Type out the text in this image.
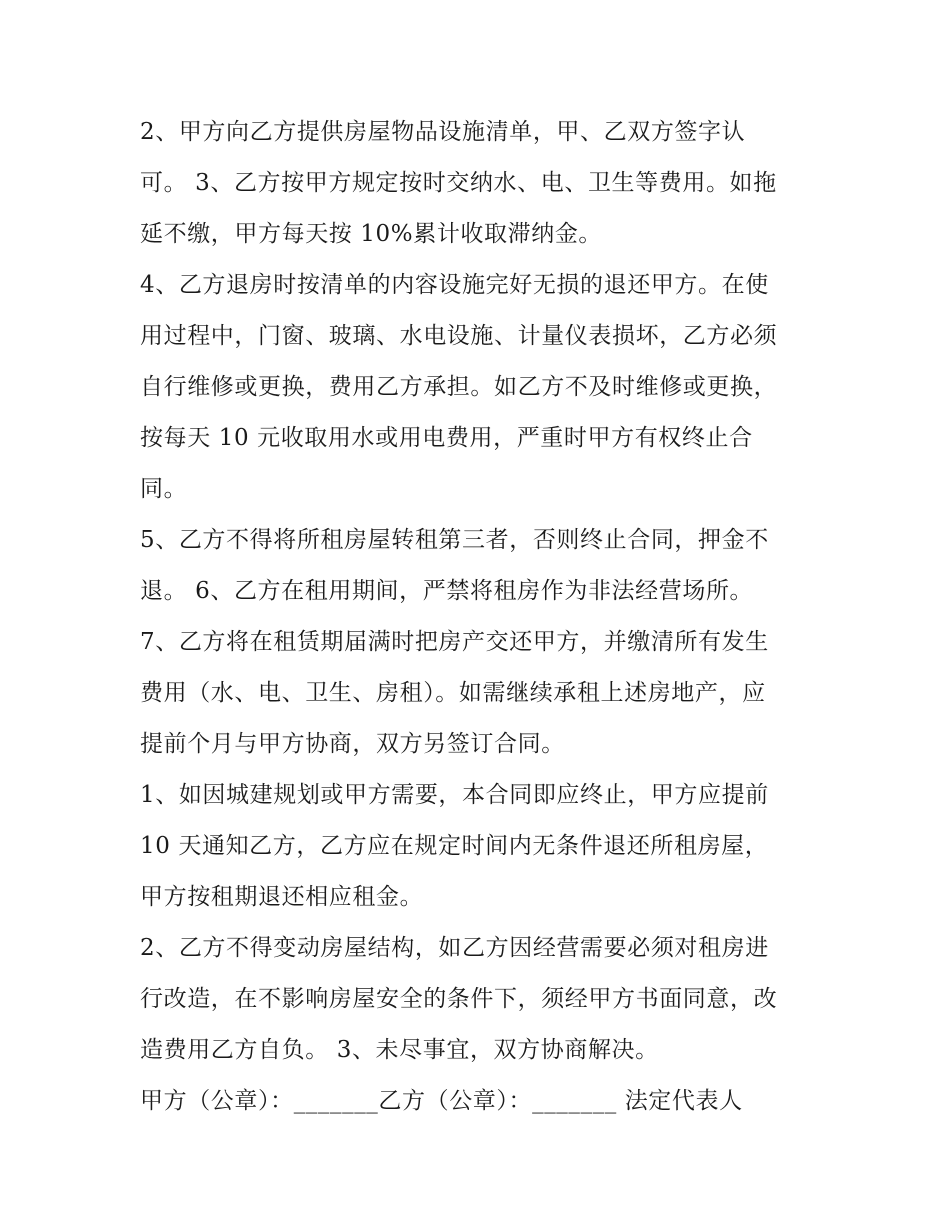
2、甲方向乙方提供房屋物品设施清单，甲、乙双方签字认
可。 3、乙方按甲方规定按时交纳水、电、卫生等费用。如拖
延不缴，甲方每天按 10%累计收取滞纳金。
4、乙方退房时按清单的内容设施完好无损的退还甲方。在使
用过程中，门窗、玻璃、水电设施、计量仪表损坏，乙方必须
自行维修或更换，费用乙方承担。如乙方不及时维修或更换，
按每天 10 元收取用水或用电费用，严重时甲方有权终止合
同。
5、乙方不得将所租房屋转租第三者，否则终止合同，押金不
退。 6、乙方在租用期间，严禁将租房作为非法经营场所。
7、乙方将在租赁期届满时把房产交还甲方，并缴清所有发生
费用（水、电、卫生、房租）。如需继续承租上述房地产，应
提前个月与甲方协商，双方另签订合同。
1、如因城建规划或甲方需要，本合同即应终止，甲方应提前
10 天通知乙方，乙方应在规定时间内无条件退还所租房屋，
甲方按租期退还相应租金。
2、乙方不得变动房屋结构，如乙方因经营需要必须对租房进
行改造，在不影响房屋安全的条件下，须经甲方书面同意，改
造费用乙方自负。 3、未尽事宜，双方协商解决。
甲方（公章）：_______乙方（公章）：_______ 法定代表人
